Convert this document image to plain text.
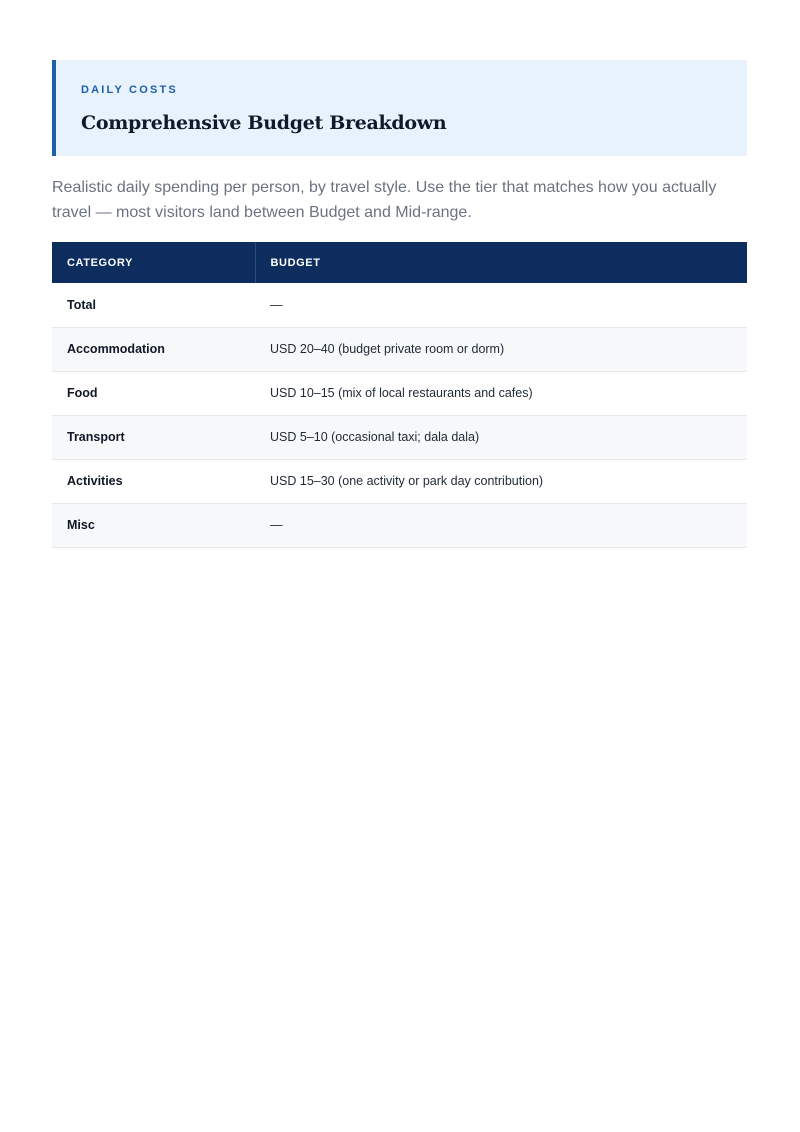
DAILY COSTS
Comprehensive Budget Breakdown
Realistic daily spending per person, by travel style. Use the tier that matches how you actually travel — most visitors land between Budget and Mid-range.
CATEGORY	BUDGET
Total	—
Accommodation	USD 20–40 (budget private room or dorm)
Food	USD 10–15 (mix of local restaurants and cafes)
Transport	USD 5–10 (occasional taxi; dala dala)
Activities	USD 15–30 (one activity or park day contribution)
Misc	—
